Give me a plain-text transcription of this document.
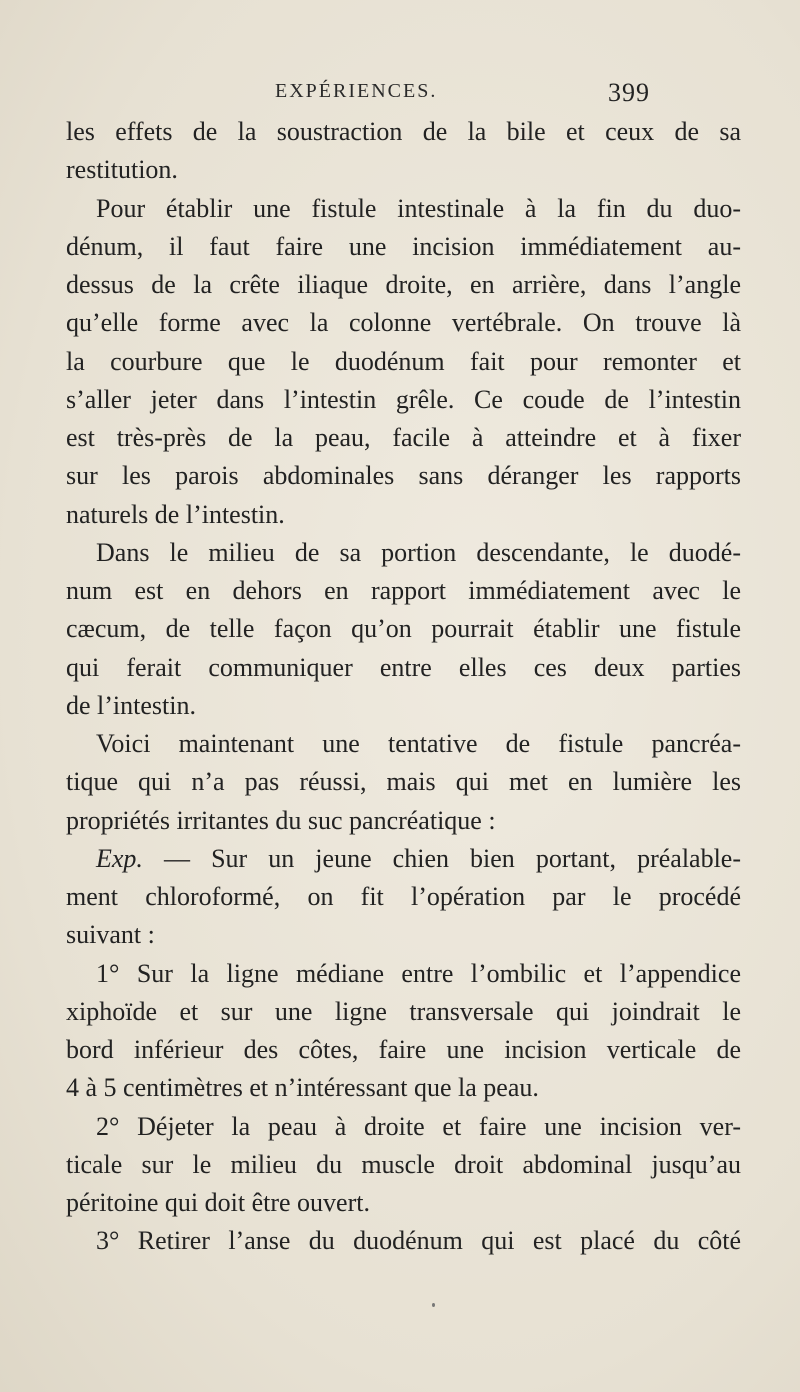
EXPÉRIENCES.	399
les effets de la soustraction de la bile et ceux de sa
restitution.
Pour établir une fistule intestinale à la fin du duo-
dénum, il faut faire une incision immédiatement au-
dessus de la crête iliaque droite, en arrière, dans l’angle
qu’elle forme avec la colonne vertébrale. On trouve là
la courbure que le duodénum fait pour remonter et
s’aller jeter dans l’intestin grêle. Ce coude de l’intestin
est très-près de la peau, facile à atteindre et à fixer
sur les parois abdominales sans déranger les rapports
naturels de l’intestin.
Dans le milieu de sa portion descendante, le duodé-
num est en dehors en rapport immédiatement avec le
cæcum, de telle façon qu’on pourrait établir une fistule
qui ferait communiquer entre elles ces deux parties
de l’intestin.
Voici maintenant une tentative de fistule pancréa-
tique qui n’a pas réussi, mais qui met en lumière les
propriétés irritantes du suc pancréatique :
Exp. — Sur un jeune chien bien portant, préalable-
ment chloroformé, on fit l’opération par le procédé
suivant :
1° Sur la ligne médiane entre l’ombilic et l’appendice
xiphoïde et sur une ligne transversale qui joindrait le
bord inférieur des côtes, faire une incision verticale de
4 à 5 centimètres et n’intéressant que la peau.
2° Déjeter la peau à droite et faire une incision ver-
ticale sur le milieu du muscle droit abdominal jusqu’au
péritoine qui doit être ouvert.
3° Retirer l’anse du duodénum qui est placé du côté
